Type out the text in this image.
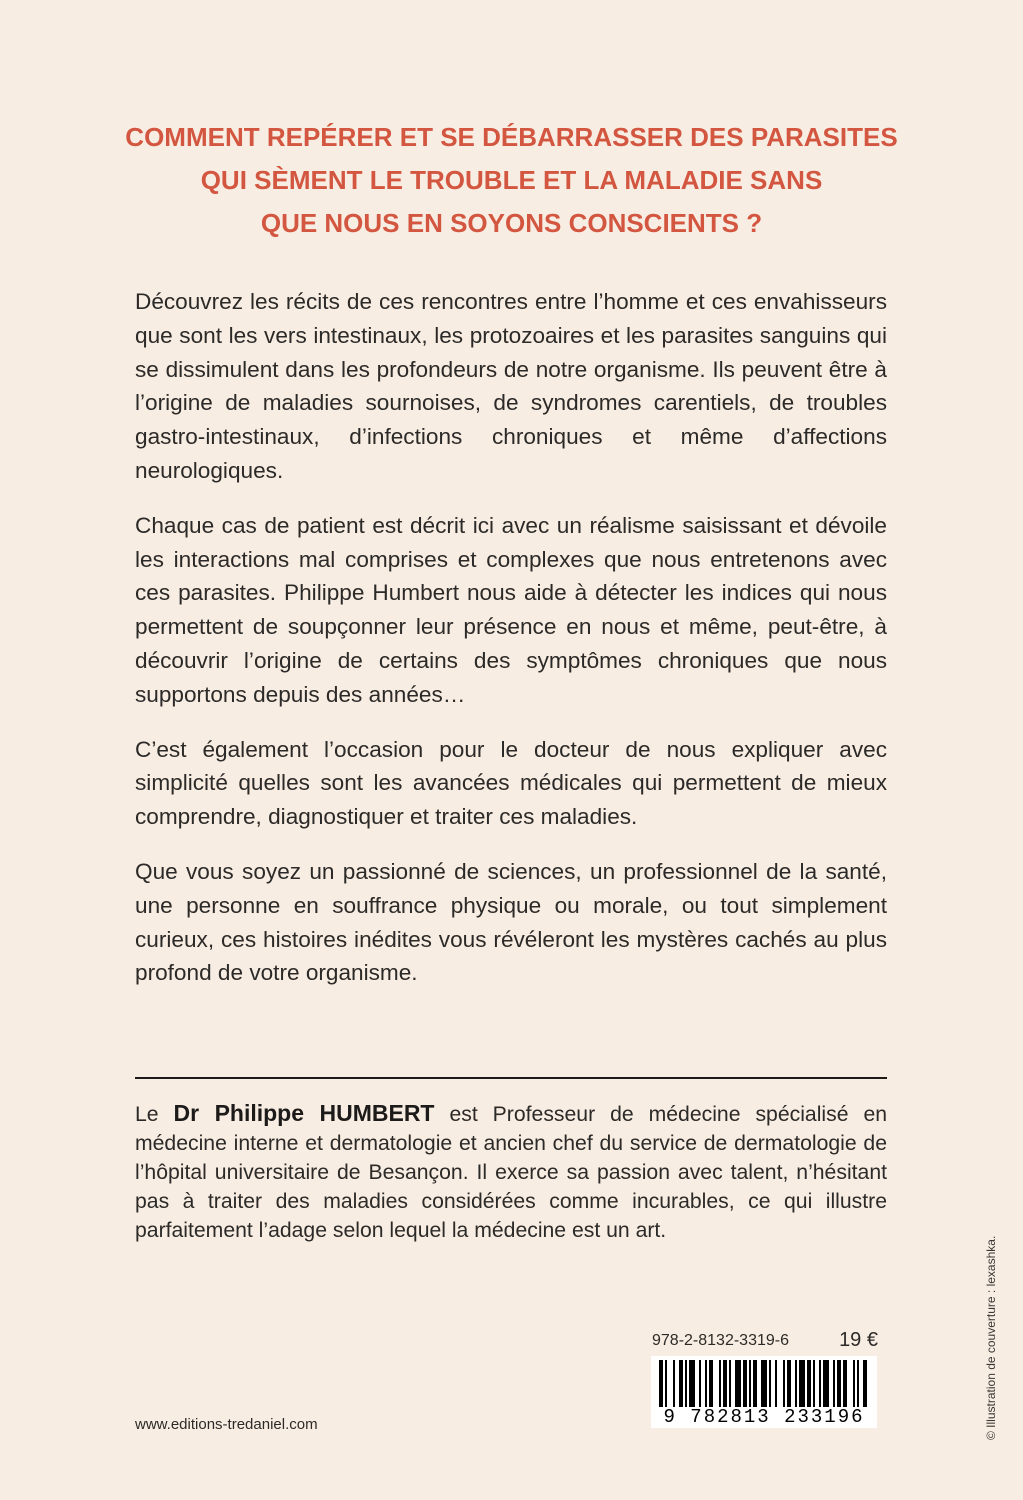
COMMENT REPÉRER ET SE DÉBARRASSER DES PARASITES
QUI SÈMENT LE TROUBLE ET LA MALADIE SANS
QUE NOUS EN SOYONS CONSCIENTS ?

Découvrez les récits de ces rencontres entre l’homme et ces envahisseurs que sont les vers intestinaux, les protozoaires et les parasites sanguins qui se dissimulent dans les profondeurs de notre organisme. Ils peuvent être à l’origine de maladies sournoises, de syndromes carentiels, de troubles gastro-intestinaux, d’infections chroniques et même d’affections neurologiques.

Chaque cas de patient est décrit ici avec un réalisme saisissant et dévoile les interactions mal comprises et complexes que nous entretenons avec ces parasites. Philippe Humbert nous aide à détecter les indices qui nous permettent de soupçonner leur présence en nous et même, peut-être, à découvrir l’origine de certains des symptômes chroniques que nous supportons depuis des années…

C’est également l’occasion pour le docteur de nous expliquer avec simplicité quelles sont les avancées médicales qui permettent de mieux comprendre, diagnostiquer et traiter ces maladies.

Que vous soyez un passionné de sciences, un professionnel de la santé, une personne en souffrance physique ou morale, ou tout simplement curieux, ces histoires inédites vous révéleront les mystères cachés au plus profond de votre organisme.

Le Dr Philippe HUMBERT est Professeur de médecine spécialisé en médecine interne et dermatologie et ancien chef du service de dermatologie de l’hôpital universitaire de Besançon. Il exerce sa passion avec talent, n’hésitant pas à traiter des maladies considérées comme incurables, ce qui illustre parfaitement l’adage selon lequel la médecine est un art.
978-2-8132-3319-6	19 €
9 782813 233196
www.editions-tredaniel.com	© Illustration de couverture : lexashka.
